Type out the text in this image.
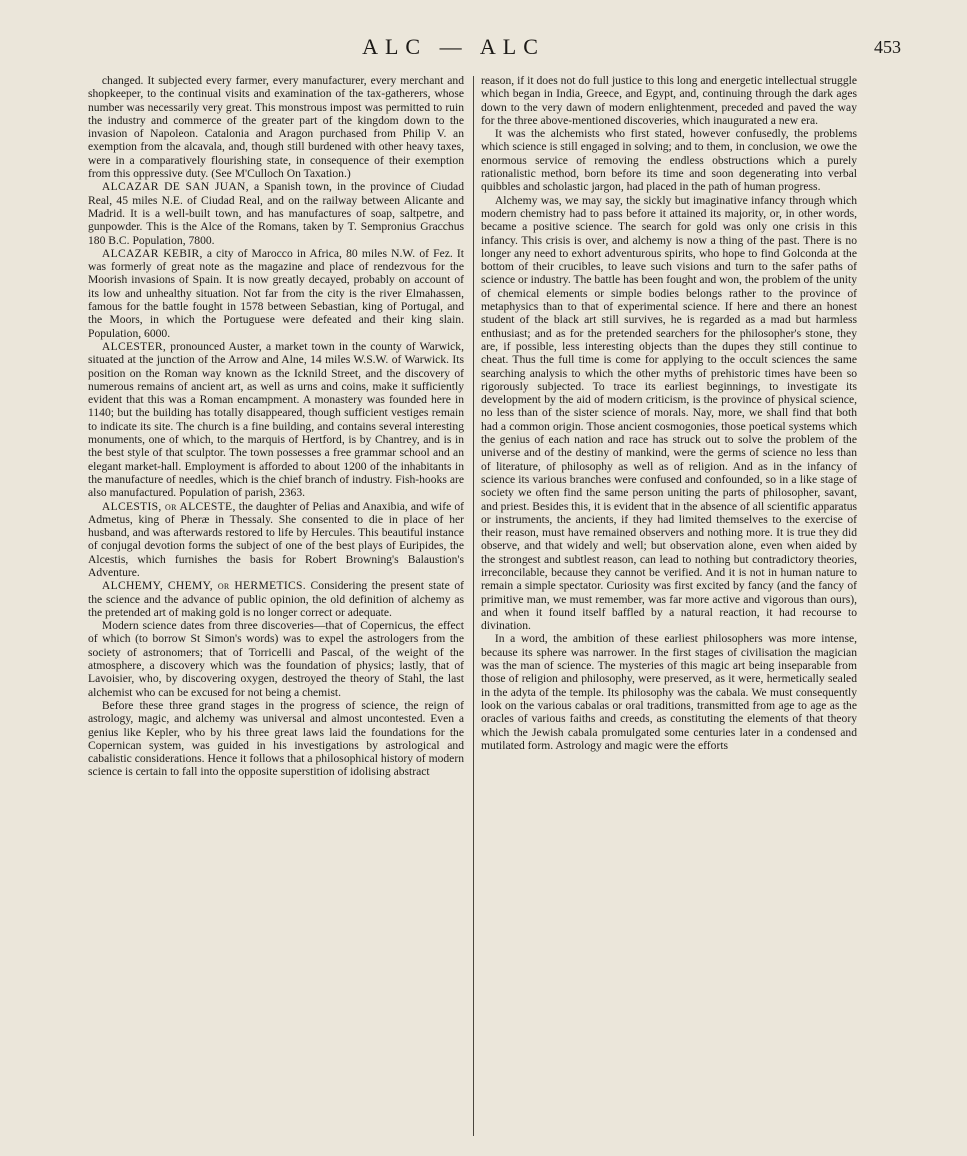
ALC — ALC	453

changed. It subjected every farmer, every manufacturer, every merchant and shopkeeper, to the continual visits and examination of the tax-gatherers, whose number was necessarily very great. This monstrous impost was permitted to ruin the industry and commerce of the greater part of the kingdom down to the invasion of Napoleon. Catalonia and Aragon purchased from Philip V. an exemption from the alcavala, and, though still burdened with other heavy taxes, were in a comparatively flourishing state, in consequence of their exemption from this oppressive duty. (See M'Culloch On Taxation.)

ALCAZAR DE SAN JUAN, a Spanish town, in the province of Ciudad Real, 45 miles N.E. of Ciudad Real, and on the railway between Alicante and Madrid. It is a well-built town, and has manufactures of soap, saltpetre, and gunpowder. This is the Alce of the Romans, taken by T. Sempronius Gracchus 180 B.C. Population, 7800.

ALCAZAR KEBIR, a city of Marocco in Africa, 80 miles N.W. of Fez. It was formerly of great note as the magazine and place of rendezvous for the Moorish invasions of Spain. It is now greatly decayed, probably on account of its low and unhealthy situation. Not far from the city is the river Elmahassen, famous for the battle fought in 1578 between Sebastian, king of Portugal, and the Moors, in which the Portuguese were defeated and their king slain. Population, 6000.

ALCESTER, pronounced Auster, a market town in the county of Warwick, situated at the junction of the Arrow and Alne, 14 miles W.S.W. of Warwick. Its position on the Roman way known as the Icknild Street, and the discovery of numerous remains of ancient art, as well as urns and coins, make it sufficiently evident that this was a Roman encampment. A monastery was founded here in 1140; but the building has totally disappeared, though sufficient vestiges remain to indicate its site. The church is a fine building, and contains several interesting monuments, one of which, to the marquis of Hertford, is by Chantrey, and is in the best style of that sculptor. The town possesses a free grammar school and an elegant market-hall. Employment is afforded to about 1200 of the inhabitants in the manufacture of needles, which is the chief branch of industry. Fish-hooks are also manufactured. Population of parish, 2363.

ALCESTIS, or ALCESTE, the daughter of Pelias and Anaxibia, and wife of Admetus, king of Pheræ in Thessaly. She consented to die in place of her husband, and was afterwards restored to life by Hercules. This beautiful instance of conjugal devotion forms the subject of one of the best plays of Euripides, the Alcestis, which furnishes the basis for Robert Browning's Balaustion's Adventure.

ALCHEMY, CHEMY, or HERMETICS. Considering the present state of the science and the advance of public opinion, the old definition of alchemy as the pretended art of making gold is no longer correct or adequate.

Modern science dates from three discoveries—that of Copernicus, the effect of which (to borrow St Simon's words) was to expel the astrologers from the society of astronomers; that of Torricelli and Pascal, of the weight of the atmosphere, a discovery which was the foundation of physics; lastly, that of Lavoisier, who, by discovering oxygen, destroyed the theory of Stahl, the last alchemist who can be excused for not being a chemist.

Before these three grand stages in the progress of science, the reign of astrology, magic, and alchemy was universal and almost uncontested. Even a genius like Kepler, who by his three great laws laid the foundations for the Copernican system, was guided in his investigations by astrological and cabalistic considerations. Hence it follows that a philosophical history of modern science is certain to fall into the opposite superstition of idolising abstract

reason, if it does not do full justice to this long and energetic intellectual struggle which began in India, Greece, and Egypt, and, continuing through the dark ages down to the very dawn of modern enlightenment, preceded and paved the way for the three above-mentioned discoveries, which inaugurated a new era.

It was the alchemists who first stated, however confusedly, the problems which science is still engaged in solving; and to them, in conclusion, we owe the enormous service of removing the endless obstructions which a purely rationalistic method, born before its time and soon degenerating into verbal quibbles and scholastic jargon, had placed in the path of human progress.

Alchemy was, we may say, the sickly but imaginative infancy through which modern chemistry had to pass before it attained its majority, or, in other words, became a positive science. The search for gold was only one crisis in this infancy. This crisis is over, and alchemy is now a thing of the past. There is no longer any need to exhort adventurous spirits, who hope to find Golconda at the bottom of their crucibles, to leave such visions and turn to the safer paths of science or industry. The battle has been fought and won, the problem of the unity of chemical elements or simple bodies belongs rather to the province of metaphysics than to that of experimental science. If here and there an honest student of the black art still survives, he is regarded as a mad but harmless enthusiast; and as for the pretended searchers for the philosopher's stone, they are, if possible, less interesting objects than the dupes they still continue to cheat. Thus the full time is come for applying to the occult sciences the same searching analysis to which the other myths of prehistoric times have been so rigorously subjected. To trace its earliest beginnings, to investigate its development by the aid of modern criticism, is the province of physical science, no less than of the sister science of morals. Nay, more, we shall find that both had a common origin. Those ancient cosmogonies, those poetical systems which the genius of each nation and race has struck out to solve the problem of the universe and of the destiny of mankind, were the germs of science no less than of literature, of philosophy as well as of religion. And as in the infancy of science its various branches were confused and confounded, so in a like stage of society we often find the same person uniting the parts of philosopher, savant, and priest. Besides this, it is evident that in the absence of all scientific apparatus or instruments, the ancients, if they had limited themselves to the exercise of their reason, must have remained observers and nothing more. It is true they did observe, and that widely and well; but observation alone, even when aided by the strongest and subtlest reason, can lead to nothing but contradictory theories, irreconcilable, because they cannot be verified. And it is not in human nature to remain a simple spectator. Curiosity was first excited by fancy (and the fancy of primitive man, we must remember, was far more active and vigorous than ours), and when it found itself baffled by a natural reaction, it had recourse to divination.

In a word, the ambition of these earliest philosophers was more intense, because its sphere was narrower. In the first stages of civilisation the magician was the man of science. The mysteries of this magic art being inseparable from those of religion and philosophy, were preserved, as it were, hermetically sealed in the adyta of the temple. Its philosophy was the cabala. We must consequently look on the various cabalas or oral traditions, transmitted from age to age as the oracles of various faiths and creeds, as constituting the elements of that theory which the Jewish cabala promulgated some centuries later in a condensed and mutilated form. Astrology and magic were the efforts
